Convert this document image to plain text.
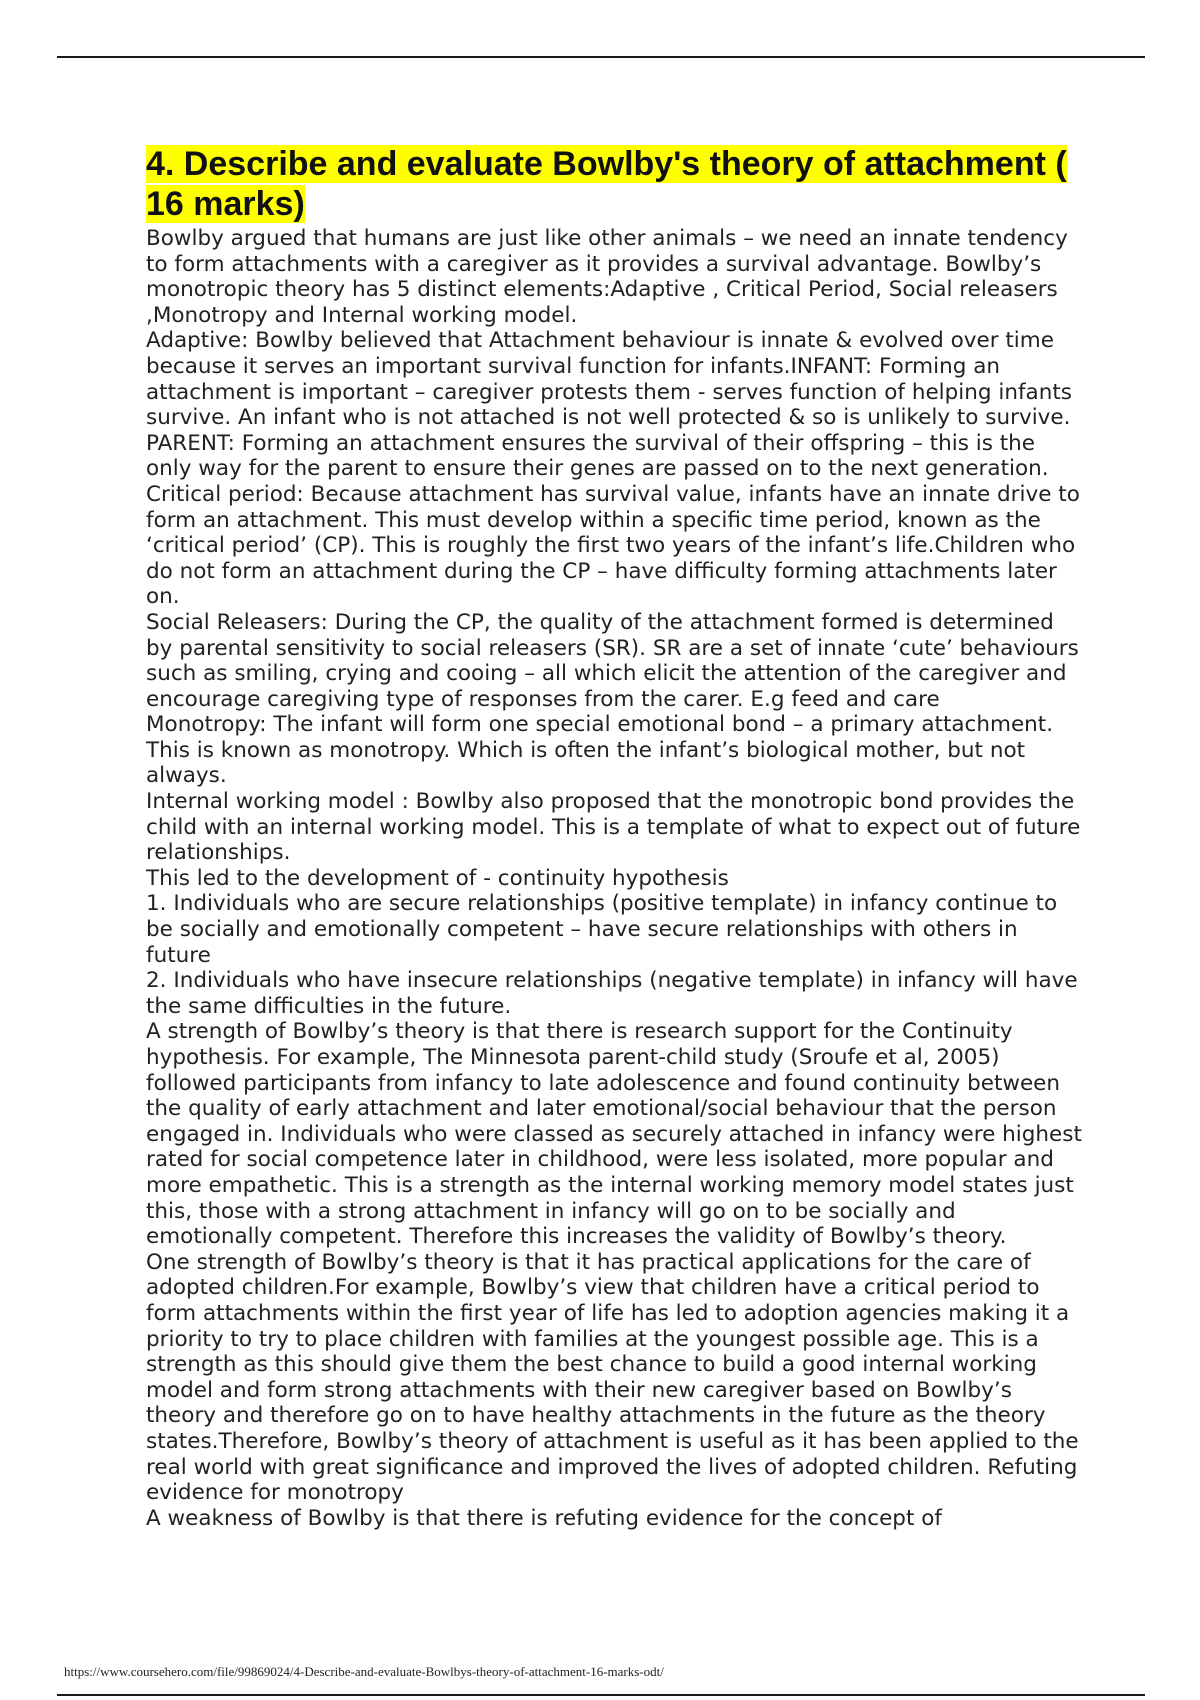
4. Describe and evaluate Bowlby's theory of attachment ( 16 marks)

Bowlby argued that humans are just like other animals – we need an innate tendency to form attachments with a caregiver as it provides a survival advantage. Bowlby’s monotropic theory has 5 distinct elements:Adaptive , Critical Period, Social releasers ,Monotropy and Internal working model.

Adaptive: Bowlby believed that Attachment behaviour is innate & evolved over time because it serves an important survival function for infants.INFANT: Forming an attachment is important – caregiver protests them - serves function of helping infants survive. An infant who is not attached is not well protected & so is unlikely to survive. PARENT: Forming an attachment ensures the survival of their offspring – this is the only way for the parent to ensure their genes are passed on to the next generation.

Critical period: Because attachment has survival value, infants have an innate drive to form an attachment. This must develop within a specific time period, known as the ‘critical period’ (CP). This is roughly the first two years of the infant’s life.Children who do not form an attachment during the CP – have difficulty forming attachments later on.

Social Releasers: During the CP, the quality of the attachment formed is determined by parental sensitivity to social releasers (SR). SR are a set of innate ‘cute’ behaviours such as smiling, crying and cooing – all which elicit the attention of the caregiver and encourage caregiving type of responses from the carer. E.g feed and care

Monotropy: The infant will form one special emotional bond – a primary attachment. This is known as monotropy. Which is often the infant’s biological mother, but not always.

Internal working model : Bowlby also proposed that the monotropic bond provides the child with an internal working model. This is a template of what to expect out of future relationships.

This led to the development of - continuity hypothesis

1. Individuals who are secure relationships (positive template) in infancy continue to be socially and emotionally competent – have secure relationships with others in future

2. Individuals who have insecure relationships (negative template) in infancy will have the same difficulties in the future.

A strength of Bowlby’s theory is that there is research support for the Continuity hypothesis. For example, The Minnesota parent-child study (Sroufe et al, 2005) followed participants from infancy to late adolescence and found continuity between the quality of early attachment and later emotional/social behaviour that the person engaged in. Individuals who were classed as securely attached in infancy were highest rated for social competence later in childhood, were less isolated, more popular and more empathetic. This is a strength as the internal working memory model states just this, those with a strong attachment in infancy will go on to be socially and emotionally competent. Therefore this increases the validity of Bowlby’s theory.

One strength of Bowlby’s theory is that it has practical applications for the care of adopted children.For example, Bowlby’s view that children have a critical period to form attachments within the first year of life has led to adoption agencies making it a priority to try to place children with families at the youngest possible age. This is a strength as this should give them the best chance to build a good internal working model and form strong attachments with their new caregiver based on Bowlby’s theory and therefore go on to have healthy attachments in the future as the theory states.Therefore, Bowlby’s theory of attachment is useful as it has been applied to the real world with great significance and improved the lives of adopted children. Refuting evidence for monotropy

A weakness of Bowlby is that there is refuting evidence for the concept of

https://www.coursehero.com/file/99869024/4-Describe-and-evaluate-Bowlbys-theory-of-attachment-16-marks-odt/
